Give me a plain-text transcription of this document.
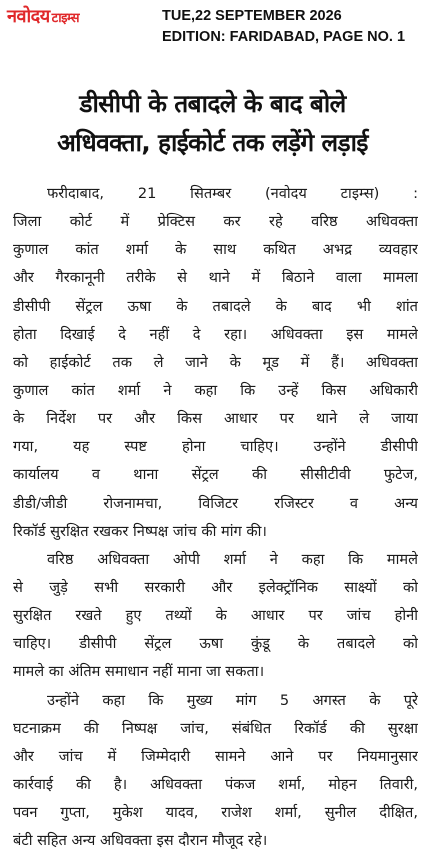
नवोदय टाइम्स	TUE,22 SEPTEMBER 2026
EDITION: FARIDABAD, PAGE NO. 1
डीसीपी के तबादले के बाद बोले
अधिवक्ता, हाईकोर्ट तक लड़ेंगे लड़ाई
फरीदाबाद, 21 सितम्बर (नवोदय टाइम्स) :
जिला कोर्ट में प्रेक्टिस कर रहे वरिष्ठ अधिवक्ता
कुणाल कांत शर्मा के साथ कथित अभद्र व्यवहार
और गैरकानूनी तरीके से थाने में बिठाने वाला मामला
डीसीपी सेंट्रल ऊषा के तबादले के बाद भी शांत
होता दिखाई दे नहीं दे रहा। अधिवक्ता इस मामले
को हाईकोर्ट तक ले जाने के मूड में हैं। अधिवक्ता
कुणाल कांत शर्मा ने कहा कि उन्हें किस अधिकारी
के निर्देश पर और किस आधार पर थाने ले जाया
गया, यह स्पष्ट होना चाहिए। उन्होंने डीसीपी
कार्यालय व थाना सेंट्रल की सीसीटीवी फुटेज,
डीडी/जीडी रोजनामचा, विजिटर रजिस्टर व अन्य
रिकॉर्ड सुरक्षित रखकर निष्पक्ष जांच की मांग की।
वरिष्ठ अधिवक्ता ओपी शर्मा ने कहा कि मामले
से जुड़े सभी सरकारी और इलेक्ट्रॉनिक साक्ष्यों को
सुरक्षित रखते हुए तथ्यों के आधार पर जांच होनी
चाहिए। डीसीपी सेंट्रल ऊषा कुंडू के तबादले को
मामले का अंतिम समाधान नहीं माना जा सकता।
उन्होंने कहा कि मुख्य मांग 5 अगस्त के पूरे
घटनाक्रम की निष्पक्ष जांच, संबंधित रिकॉर्ड की सुरक्षा
और जांच में जिम्मेदारी सामने आने पर नियमानुसार
कार्रवाई की है। अधिवक्ता पंकज शर्मा, मोहन तिवारी,
पवन गुप्ता, मुकेश यादव, राजेश शर्मा, सुनील दीक्षित,
बंटी सहित अन्य अधिवक्ता इस दौरान मौजूद रहे।
